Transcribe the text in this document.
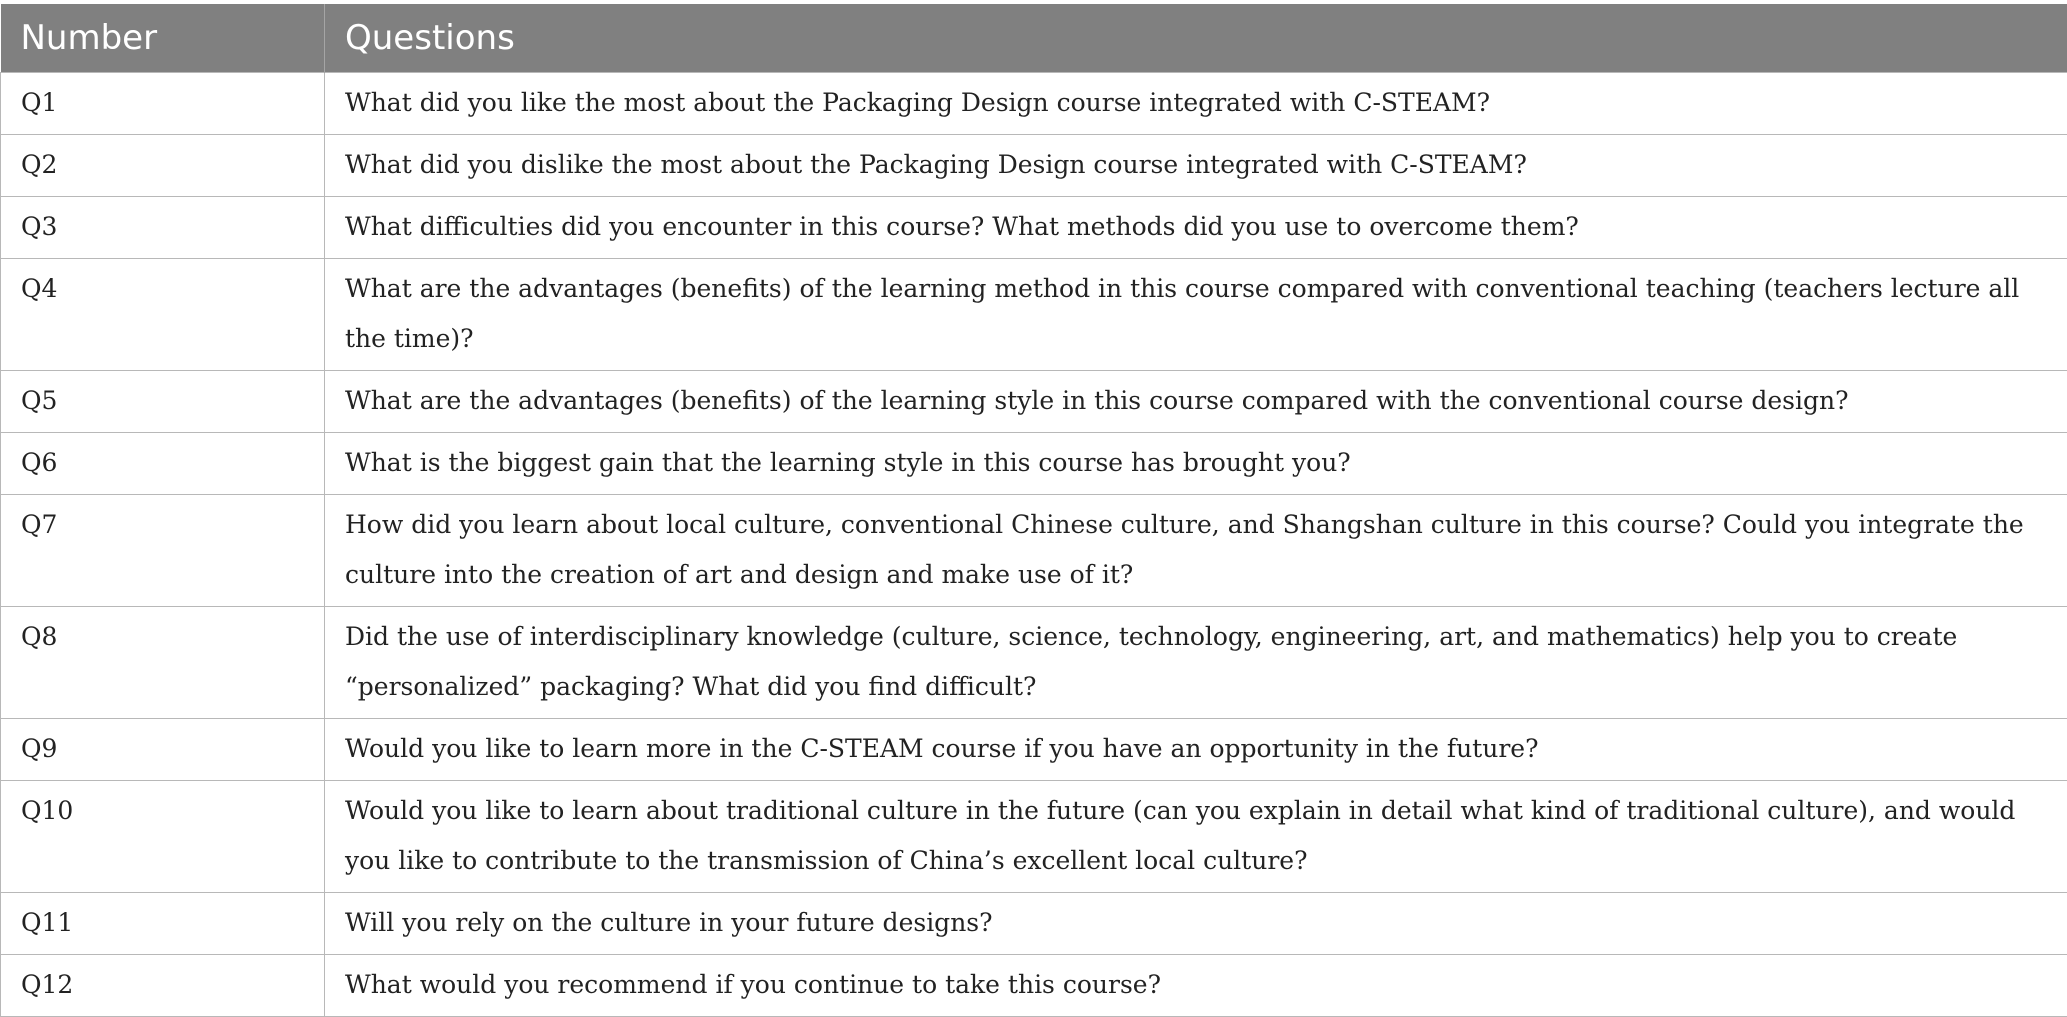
Number	Questions
Q1	What did you like the most about the Packaging Design course integrated with C-STEAM?
Q2	What did you dislike the most about the Packaging Design course integrated with C-STEAM?
Q3	What difficulties did you encounter in this course? What methods did you use to overcome them?
Q4	What are the advantages (benefits) of the learning method in this course compared with conventional teaching (teachers lecture all the time)?
Q5	What are the advantages (benefits) of the learning style in this course compared with the conventional course design?
Q6	What is the biggest gain that the learning style in this course has brought you?
Q7	How did you learn about local culture, conventional Chinese culture, and Shangshan culture in this course? Could you integrate the culture into the creation of art and design and make use of it?
Q8	Did the use of interdisciplinary knowledge (culture, science, technology, engineering, art, and mathematics) help you to create “personalized” packaging? What did you find difficult?
Q9	Would you like to learn more in the C-STEAM course if you have an opportunity in the future?
Q10	Would you like to learn about traditional culture in the future (can you explain in detail what kind of traditional culture), and would you like to contribute to the transmission of China’s excellent local culture?
Q11	Will you rely on the culture in your future designs?
Q12	What would you recommend if you continue to take this course?
